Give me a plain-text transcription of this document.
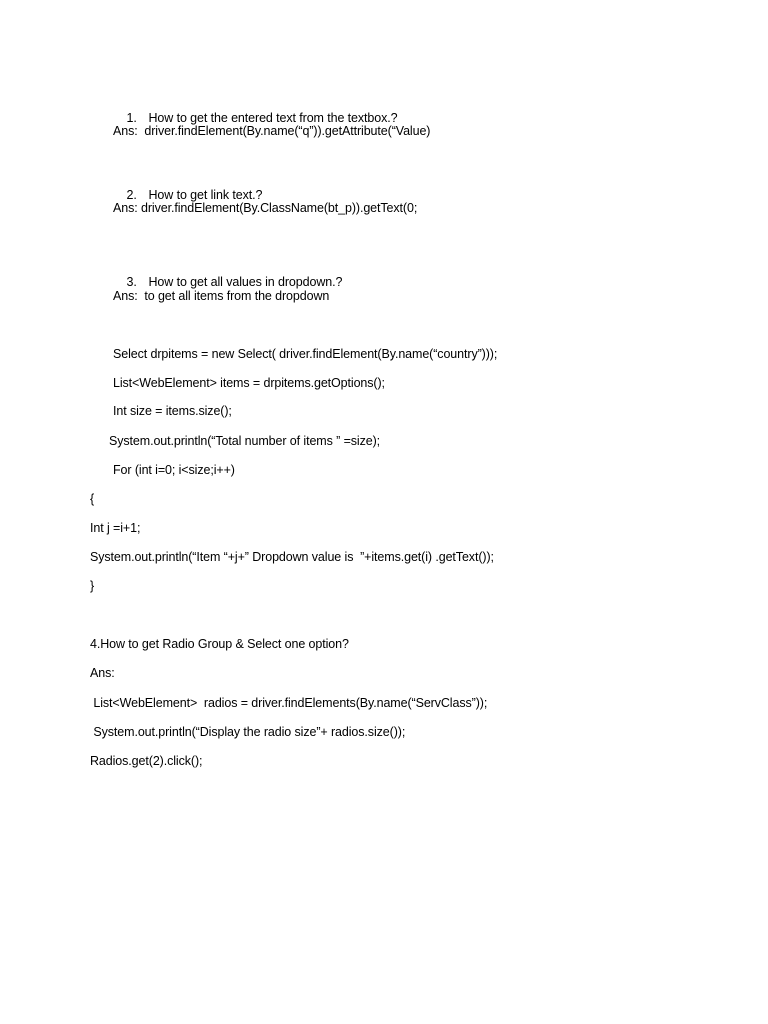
1. How to get the entered text from the textbox.?

Ans:  driver.findElement(By.name(“q”)).getAttribute(“Value)

2. How to get link text.?

Ans: driver.findElement(By.ClassName(bt_p)).getText(0;

3. How to get all values in dropdown.?

Ans:  to get all items from the dropdown
Select drpitems = new Select( driver.findElement(By.name(“country”)));
List<WebElement> items = drpitems.getOptions();
Int size = items.size();
System.out.println(“Total number of items ” =size);
For (int i=0; i<size;i++)
{
Int j =i+1;
System.out.println(“Item “+j+” Dropdown value is  ”+items.get(i) .getText());
}
4.How to get Radio Group & Select one option?
Ans:
List<WebElement>  radios = driver.findElements(By.name(“ServClass”));
System.out.println(“Display the radio size”+ radios.size());
Radios.get(2).click();
